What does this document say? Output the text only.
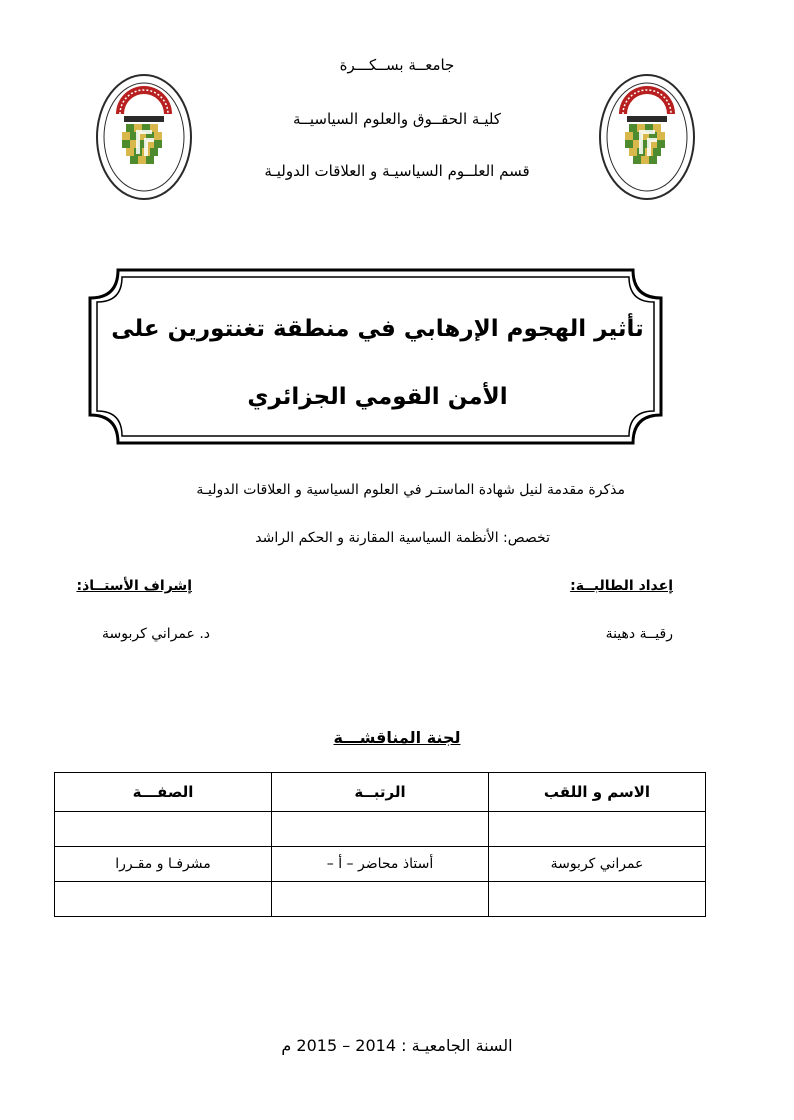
جامعــة بســكـــرة
كليـة الحقــوق والعلوم السياسيــة
قسم العلــوم السياسيـة و العلاقات الدوليـة
تأثير الهجوم الإرهابي في منطقة تغنتورين على
الأمن القومي الجزائري
مذكرة مقدمة لنيل شهادة الماستـر في العلوم السياسية و العلاقات الدوليـة
تخصص: الأنظمة السياسية المقارنة و الحكم الراشد
إعداد الطالبــة:
إشراف الأستــاذ:
رقيــة دهينة
د. عمراني كربوسة
لجنة المناقشـــة
الاسم و اللقب	الرتبــة	الصفـــة

عمراني كربوسة	أستاذ محاضر – أ –	مشرفـا و مقـررا

السنة الجامعيـة : 2014 – 2015 م
